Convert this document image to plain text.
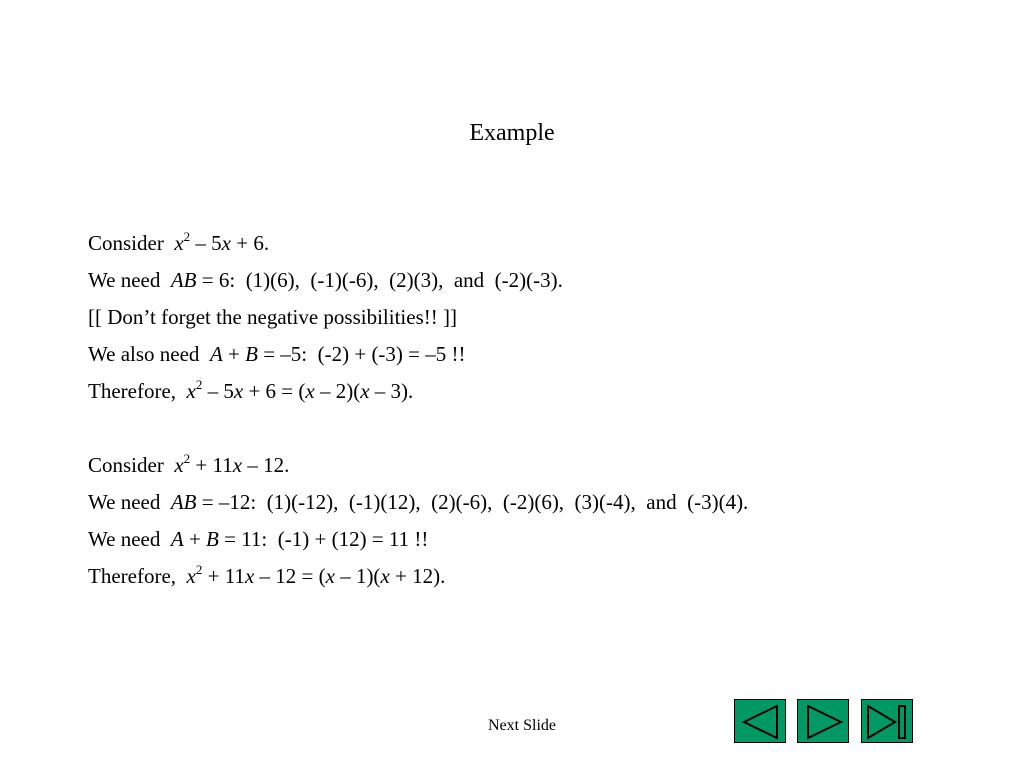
Example
Consider $x^2 - 5x + 6$.
We need AB = 6:  (1)(6),  (-1)(-6),  (2)(3),  and  (-2)(-3).
[[ Don’t forget the negative possibilities!! ]]
We also need A + B = –5:  (-2) + (-3) = –5 !!
Therefore, $x^2 - 5x + 6 = (x - 2)(x - 3)$.
Consider $x^2 + 11x - 12$.
We need AB = –12:  (1)(-12),  (-1)(12),  (2)(-6),  (-2)(6),  (3)(-4),  and  (-3)(4).
We need A + B = 11:  (-1) + (12) = 11 !!
Therefore, $x^2 + 11x - 12 = (x - 1)(x + 12)$.
Next Slide
